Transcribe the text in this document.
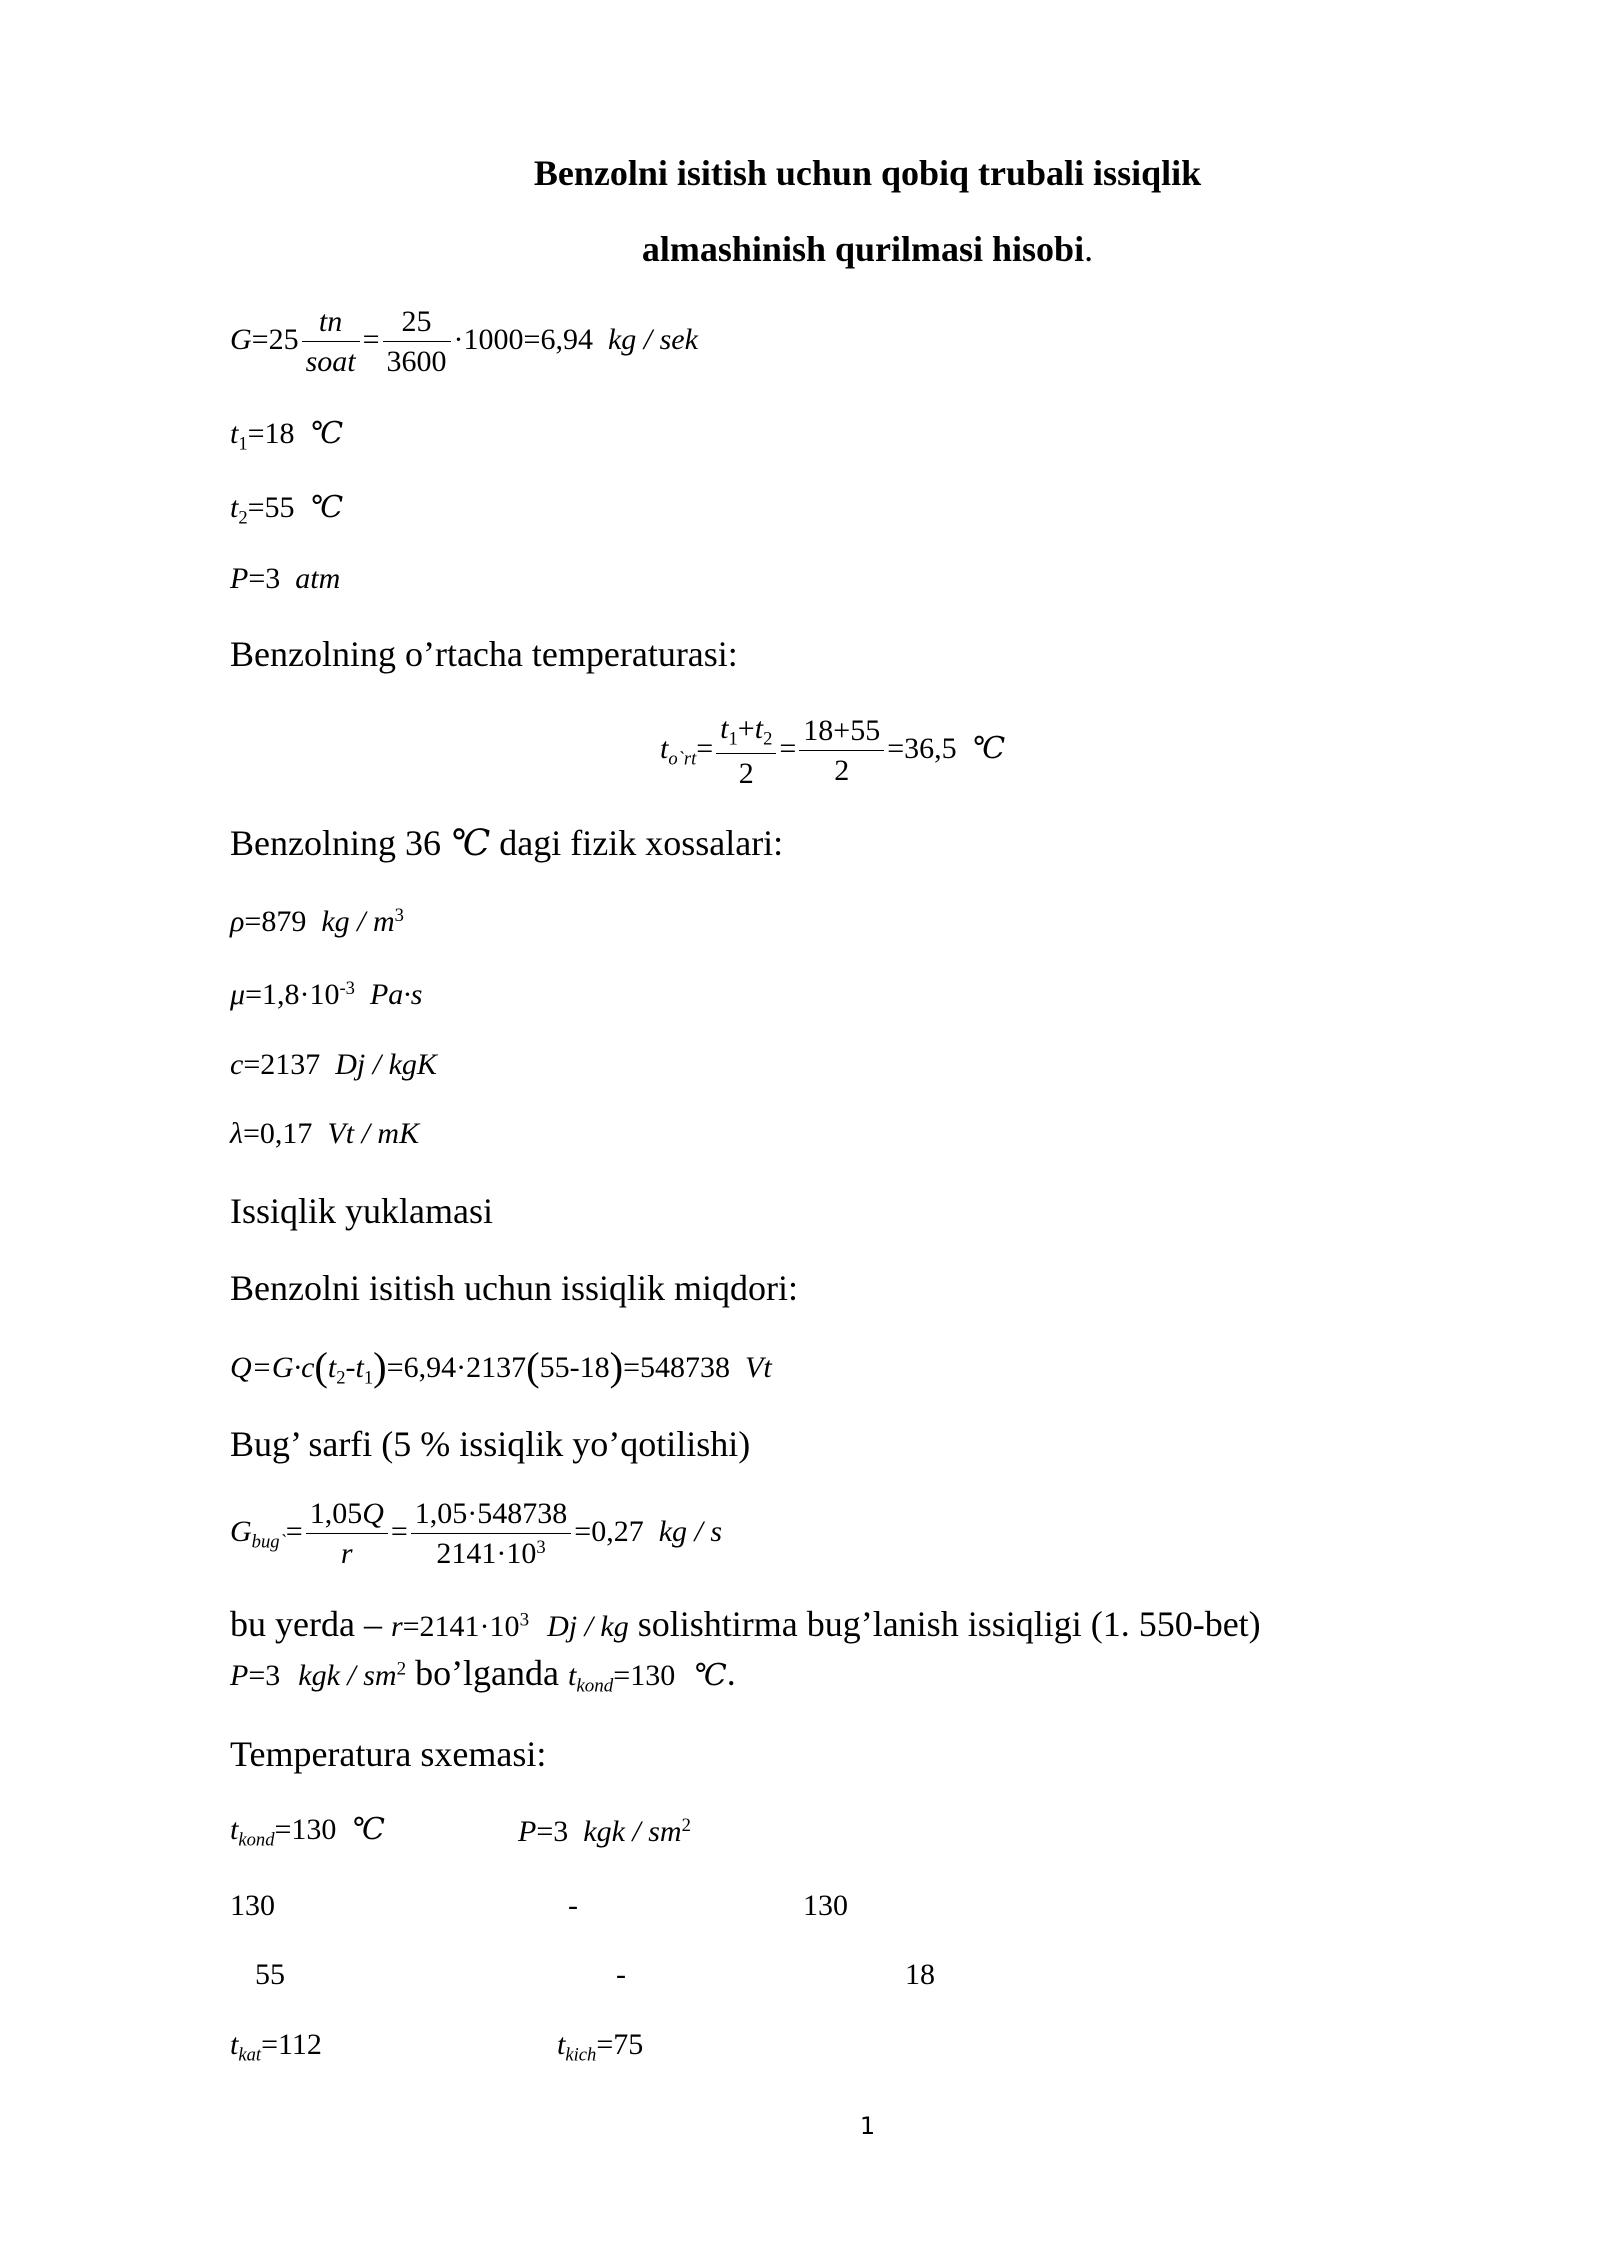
Benzolni isitish uchun qobiq trubali issiqlik
almashinish qurilmasi hisobi.
$G=25 \frac{tn}{\text{soat}} = \frac{25}{3600} \cdot 1000=6,94$ kg / sek
$t_1=18$ ℃
$t_2=55$ ℃
P=3 atm
Benzolning o’rtacha temperaturasi:
$t_{o`rt}= \frac{t_1+t_2}{2} = \frac{18+55}{2} =36,5$ ℃
Benzolning 36 ℃ dagi fizik xossalari:
ρ=879 kg / $m^3$
$\mu=1,8\cdot 10^{-3}$ Pa·s
c=2137 Dj / kgK
λ=0,17 Vt / mK
Issiqlik yuklamasi
Benzolni isitish uchun issiqlik miqdori:
$Q=G\cdot c(t_2-t_1)=6,94\cdot 2137(55-18)=548738$ Vt
Bug’ sarfi (5 % issiqlik yo’qotilishi)
$G_{bug`}= \frac{1,05Q}{r} = \frac{1,05\cdot 548738}{2141\cdot 10^3} =0,27$ kg / s
bu yerda – $r=2141\cdot 10^3$ Dj / kg solishtirma bug’lanish issiqligi (1. 550-bet)
P=3 kgk / $sm^2$ bo’lganda $t_{kond}=130$ ℃.
Temperatura sxemasi:
$t_{kond}=130$ ℃	P=3 kgk / $sm^2$
130	-	130
55	-	18
$t_{kat}=112$	$t_{kich}=75$
1
